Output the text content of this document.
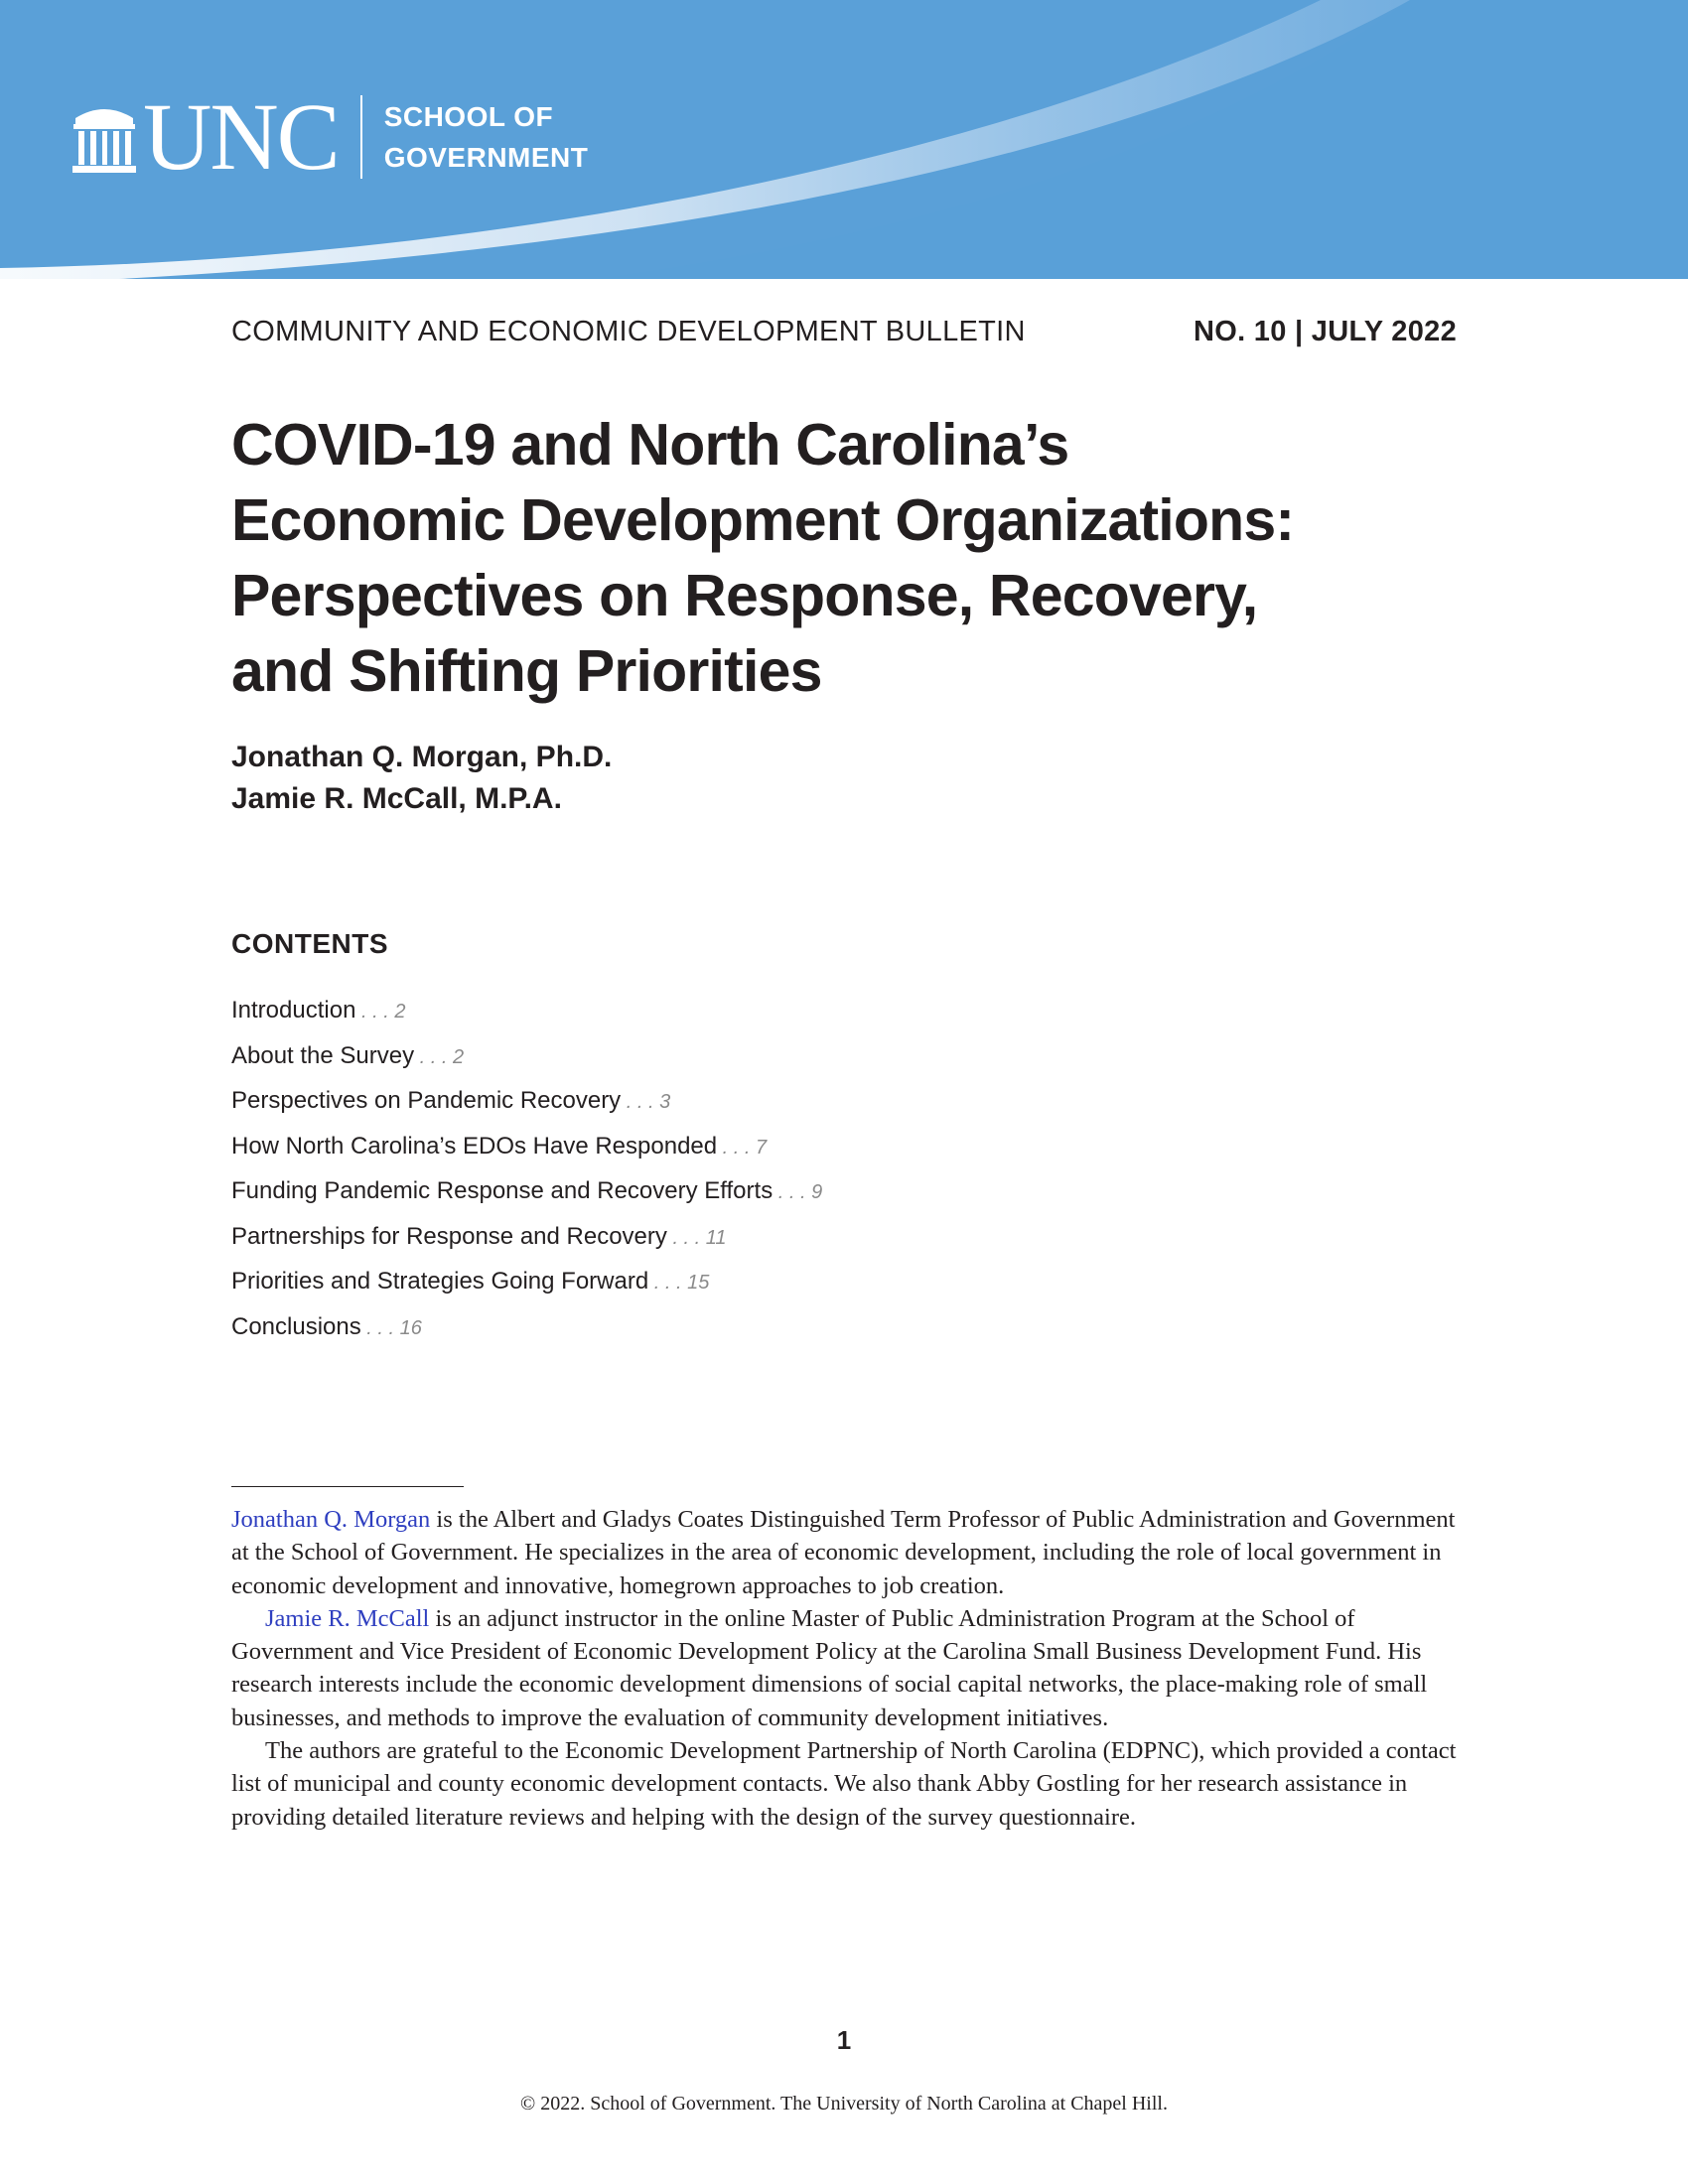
UNC SCHOOL OF
GOVERNMENT
COMMUNITY AND ECONOMIC DEVELOPMENT BULLETIN	NO. 10 | JULY 2022
COVID-19 and North Carolina’s
Economic Development Organizations:
Perspectives on Response, Recovery,
and Shifting Priorities
Jonathan Q. Morgan, Ph.D.
Jamie R. McCall, M.P.A.
CONTENTS
Introduction . . . 2
About the Survey . . . 2
Perspectives on Pandemic Recovery . . . 3
How North Carolina’s EDOs Have Responded . . . 7
Funding Pandemic Response and Recovery Efforts . . . 9
Partnerships for Response and Recovery . . . 11
Priorities and Strategies Going Forward . . . 15
Conclusions . . . 16

Jonathan Q. Morgan is the Albert and Gladys Coates Distinguished Term Professor of Public Administration and Government at the School of Government. He specializes in the area of economic development, including the role of local government in economic development and innovative, homegrown approaches to job creation.

Jamie R. McCall is an adjunct instructor in the online Master of Public Administration Program at the School of Government and Vice President of Economic Development Policy at the Carolina Small Business Development Fund. His research interests include the economic development dimensions of social capital networks, the place-making role of small businesses, and methods to improve the evaluation of community development initiatives.

The authors are grateful to the Economic Development Partnership of North Carolina (EDPNC), which provided a contact list of municipal and county economic development contacts. We also thank Abby Gostling for her research assistance in providing detailed literature reviews and helping with the design of the survey questionnaire.

1
© 2022. School of Government. The University of North Carolina at Chapel Hill.
